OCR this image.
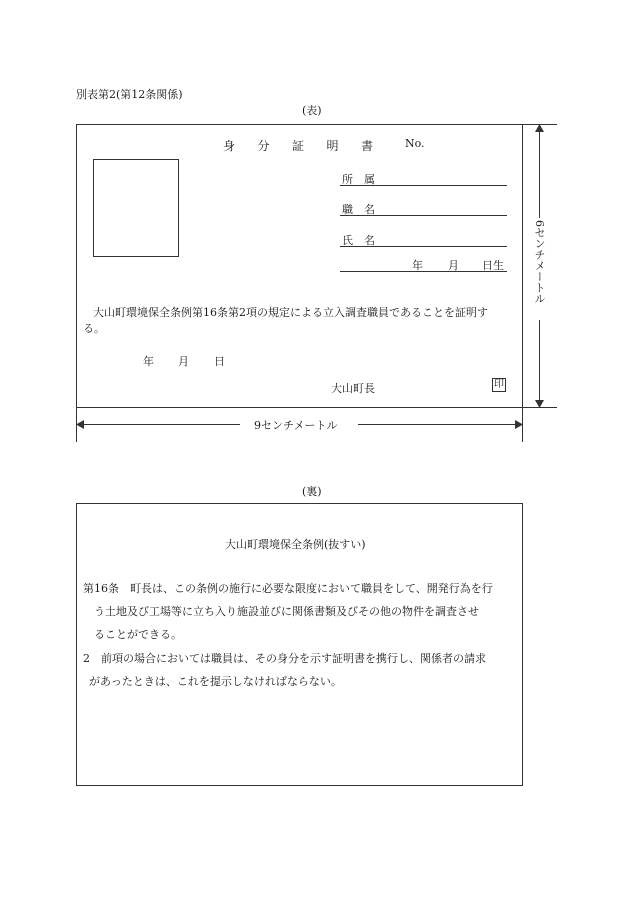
別表第2(第12条関係)
(表)
身 分 証 明 書	No.
所 属
職 名
氏 名
年 月 日生
大山町環境保全条例第16条第2項の規定による立入調査職員であることを証明す
る。
年 月 日
大山町長	印
6センチメートル
9センチメートル
(裏)
大山町環境保全条例(抜すい)
第16条　町長は、この条例の施行に必要な限度において職員をして、開発行為を行
う土地及び工場等に立ち入り施設並びに関係書類及びその他の物件を調査させ
ることができる。
2　前項の場合においては職員は、その身分を示す証明書を携行し、関係者の請求
があったときは、これを提示しなければならない。
